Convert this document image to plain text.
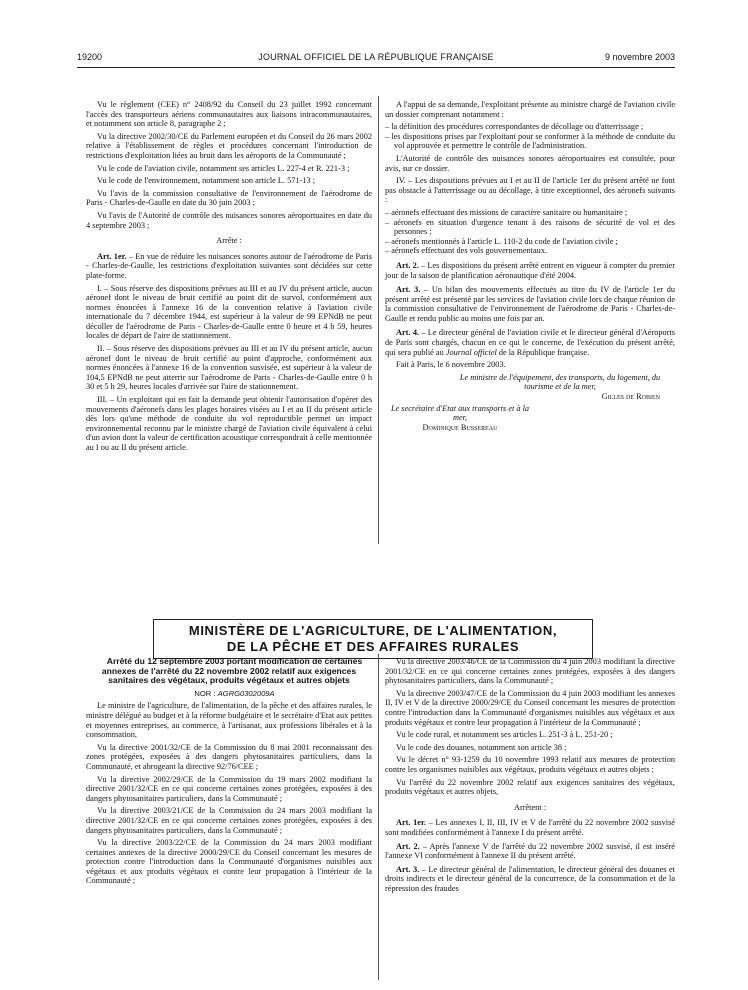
19200	JOURNAL OFFICIEL DE LA RÉPUBLIQUE FRANÇAISE	9 novembre 2003

Vu le règlement (CEE) n° 2408/92 du Conseil du 23 juillet 1992 concernant l'accès des transporteurs aériens communautaires aux liaisons intracommunautaires, et notamment son article 8, paragraphe 2 ;

Vu la directive 2002/30/CE du Parlement européen et du Conseil du 26 mars 2002 relative à l'établissement de règles et procédures concernant l'introduction de restrictions d'exploitation liées au bruit dans les aéroports de la Communauté ;

Vu le code de l'aviation civile, notamment ses articles L. 227-4 et R. 221-3 ;

Vu le code de l'environnement, notamment son article L. 571-13 ;

Vu l'avis de la commission consultative de l'environnement de l'aérodrome de Paris - Charles-de-Gaulle en date du 30 juin 2003 ;

Vu l'avis de l'Autorité de contrôle des nuisances sonores aéroportuaires en date du 4 septembre 2003 ;

Arrête :

Art. 1er. – En vue de réduire les nuisances sonores autour de l'aérodrome de Paris - Charles-de-Gaulle, les restrictions d'exploitation suivantes sont décidées sur cette plate-forme.

I. – Sous réserve des dispositions prévues au III et au IV du présent article, aucun aéronef dont le niveau de bruit certifié au point dit de survol, conformément aux normes énoncées à l'annexe 16 de la convention relative à l'aviation civile internationale du 7 décembre 1944, est supérieur à la valeur de 99 EPNdB ne peut décoller de l'aérodrome de Paris - Charles-de-Gaulle entre 0 heure et 4 h 59, heures locales de départ de l'aire de stationnement.

II. – Sous réserve des dispositions prévues au III et au IV du présent article, aucun aéronef dont le niveau de bruit certifié au point d'approche, conformément aux normes énoncées à l'annexe 16 de la convention susvisée, est supérieur à la valeur de 104,5 EPNdB ne peut atterrir sur l'aérodrome de Paris - Charles-de-Gaulle entre 0 h 30 et 5 h 29, heures locales d'arrivée sur l'aire de stationnement.

III. – Un exploitant qui en fait la demande peut obtenir l'autorisation d'opérer des mouvements d'aéronefs dans les plages horaires visées au I et au II du présent article dès lors qu'une méthode de conduite du vol reproductible permet un impact environnemental reconnu par le ministre chargé de l'aviation civile équivalent à celui d'un avion dont la valeur de certification acoustique correspondrait à celle mentionnée au I ou au II du présent article.

A l'appui de sa demande, l'exploitant présente au ministre chargé de l'aviation civile un dossier comprenant notamment :

– la définition des procédures correspondantes de décollage ou d'atterrissage ;

– les dispositions prises par l'exploitant pour se conformer à la méthode de conduite du vol approuvée et permettre le contrôle de l'administration.

L'Autorité de contrôle des nuisances sonores aéroportuaires est consultée, pour avis, sur ce dossier.

IV. – Les dispositions prévues au I et au II de l'article 1er du présent arrêté ne font pas obstacle à l'atterrissage ou au décollage, à titre exceptionnel, des aéronefs suivants :

– aéronefs effectuant des missions de caractère sanitaire ou humanitaire ;

– aéronefs en situation d'urgence tenant à des raisons de sécurité de vol et des personnes ;

– aéronefs mentionnés à l'article L. 110-2 du code de l'aviation civile ;

– aéronefs effectuant des vols gouvernementaux.

Art. 2. – Les dispositions du présent arrêté entrent en vigueur à compter du premier jour de la saison de planification aéronautique d'été 2004.

Art. 3. – Un bilan des mouvements effectués au titre du IV de l'article 1er du présent arrêté est présenté par les services de l'aviation civile lors de chaque réunion de la commission consultative de l'environnement de l'aérodrome de Paris - Charles-de-Gaulle et rendu public au moins une fois par an.

Art. 4. – Le directeur général de l'aviation civile et le directeur général d'Aéroports de Paris sont chargés, chacun en ce qui le concerne, de l'exécution du présent arrêté, qui sera publié au Journal officiel de la République française.

Fait à Paris, le 6 novembre 2003.

Le ministre de l'équipement, des transports, du logement, du tourisme et de la mer,

Gilles de Robien

Le secrétaire d'Etat aux transports et à la mer,

Dominique Bussereau

MINISTÈRE DE L'AGRICULTURE, DE L'ALIMENTATION,
DE LA PÊCHE ET DES AFFAIRES RURALES

Arrêté du 12 septembre 2003 portant modification de certaines annexes de l'arrêté du 22 novembre 2002 relatif aux exigences sanitaires des végétaux, produits végétaux et autres objets

NOR : AGRG0302009A

Le ministre de l'agriculture, de l'alimentation, de la pêche et des affaires rurales, le ministre délégué au budget et à la réforme budgétaire et le secrétaire d'Etat aux petites et moyennes entreprises, au commerce, à l'artisanat, aux professions libérales et à la consommation,

Vu la directive 2001/32/CE de la Commission du 8 mai 2001 reconnaissant des zones protégées, exposées à des dangers phytosanitaires particuliers, dans la Communauté, et abrogeant la directive 92/76/CEE ;

Vu la directive 2002/29/CE de la Commission du 19 mars 2002 modifiant la directive 2001/32/CE en ce qui concerne certaines zones protégées, exposées à des dangers phytosanitaires particuliers, dans la Communauté ;

Vu la directive 2003/21/CE de la Commission du 24 mars 2003 modifiant la directive 2001/32/CE en ce qui concerne certaines zones protégées, exposées à des dangers phytosanitaires particuliers, dans la Communauté ;

Vu la directive 2003/22/CE de la Commission du 24 mars 2003 modifiant certaines annexes de la directive 2000/29/CE du Conseil concernant les mesures de protection contre l'introduction dans la Communauté d'organismes nuisibles aux végétaux et aux produits végétaux et contre leur propagation à l'intérieur de la Communauté ;

Vu la directive 2003/46/CE de la Commission du 4 juin 2003 modifiant la directive 2001/32/CE en ce qui concerne certaines zones protégées, exposées à des dangers phytosanitaires particuliers, dans la Communauté ;

Vu la directive 2003/47/CE de la Commission du 4 juin 2003 modifiant les annexes II, IV et V de la directive 2000/29/CE du Conseil concernant les mesures de protection contre l'introduction dans la Communauté d'organismes nuisibles aux végétaux et aux produits végétaux et contre leur propagation à l'intérieur de la Communauté ;

Vu le code rural, et notamment ses articles L. 251-3 à L. 251-20 ;

Vu le code des douanes, notamment son article 38 ;

Vu le décret n° 93-1259 du 10 novembre 1993 relatif aux mesures de protection contre les organismes nuisibles aux végétaux, produits végétaux et autres objets ;

Vu l'arrêté du 22 novembre 2002 relatif aux exigences sanitaires des végétaux, produits végétaux et autres objets,

Arrêtent :

Art. 1er. – Les annexes I, II, III, IV et V de l'arrêté du 22 novembre 2002 susvisé sont modifiées conformément à l'annexe I du présent arrêté.

Art. 2. – Après l'annexe V de l'arrêté du 22 novembre 2002 susvisé, il est inséré l'annexe VI conformément à l'annexe II du présent arrêté.

Art. 3. – Le directeur général de l'alimentation, le directeur général des douanes et droits indirects et le directeur général de la concurrence, de la consommation et de la répression des fraudes
